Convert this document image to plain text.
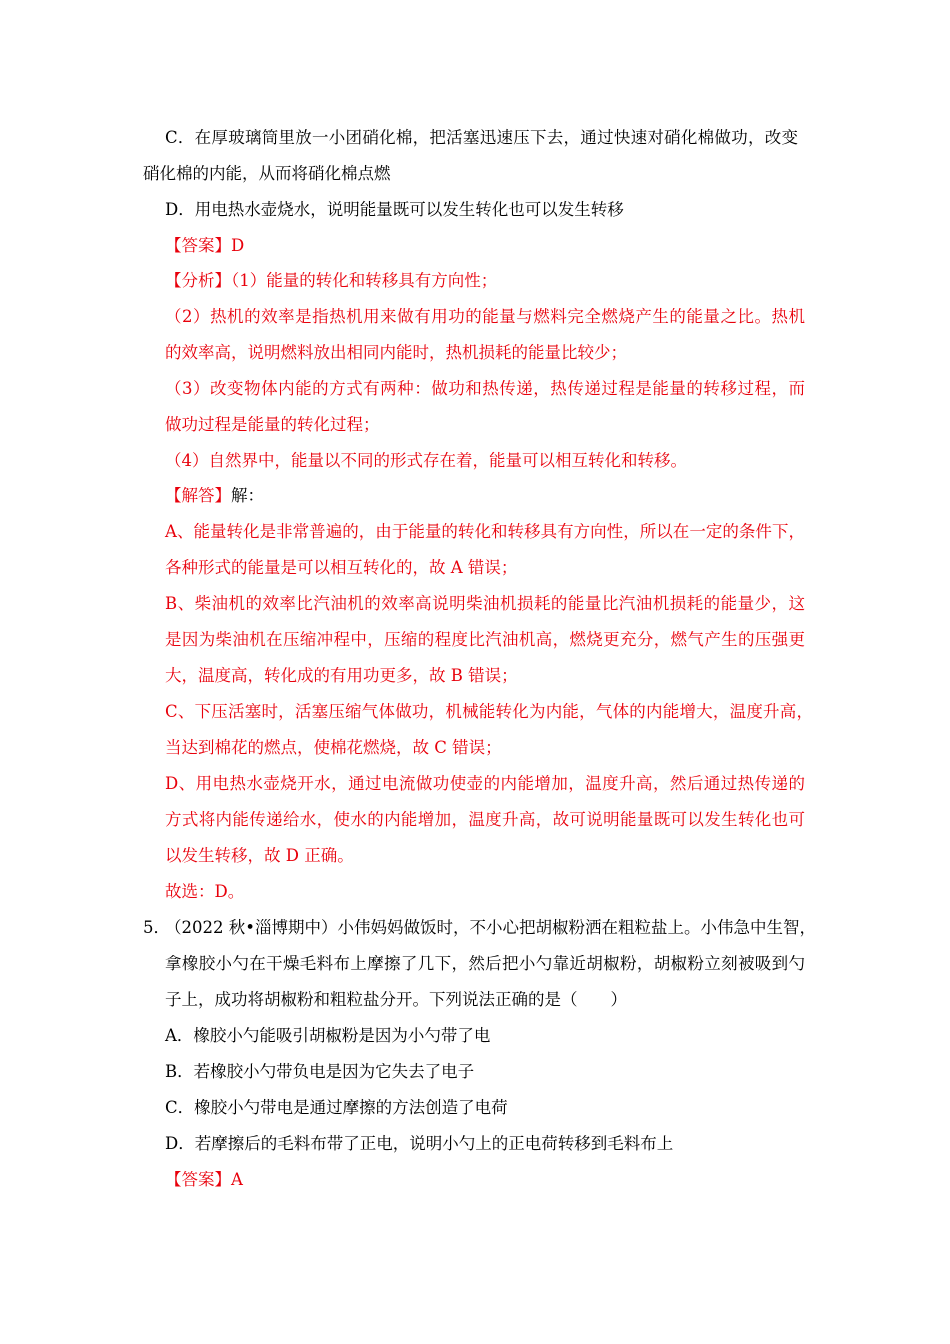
C．在厚玻璃筒里放一小团硝化棉，把活塞迅速压下去，通过快速对硝化棉做功，改变
硝化棉的内能，从而将硝化棉点燃
D．用电热水壶烧水，说明能量既可以发生转化也可以发生转移
【答案】D
【分析】（1）能量的转化和转移具有方向性；
（2）热机的效率是指热机用来做有用功的能量与燃料完全燃烧产生的能量之比。热机
的效率高，说明燃料放出相同内能时，热机损耗的能量比较少；
（3）改变物体内能的方式有两种：做功和热传递，热传递过程是能量的转移过程，而
做功过程是能量的转化过程；
（4）自然界中，能量以不同的形式存在着，能量可以相互转化和转移。
【解答】解：
A、能量转化是非常普遍的，由于能量的转化和转移具有方向性，所以在一定的条件下，
各种形式的能量是可以相互转化的，故 A 错误；
B、柴油机的效率比汽油机的效率高说明柴油机损耗的能量比汽油机损耗的能量少，这
是因为柴油机在压缩冲程中，压缩的程度比汽油机高，燃烧更充分，燃气产生的压强更
大，温度高，转化成的有用功更多，故 B 错误；
C、下压活塞时，活塞压缩气体做功，机械能转化为内能，气体的内能增大，温度升高，
当达到棉花的燃点，使棉花燃烧，故 C 错误；
D、用电热水壶烧开水，通过电流做功使壶的内能增加，温度升高，然后通过热传递的
方式将内能传递给水，使水的内能增加，温度升高，故可说明能量既可以发生转化也可
以发生转移，故 D 正确。
故选：D。
5．
（2022 秋•淄博期中）小伟妈妈做饭时，不小心把胡椒粉洒在粗粒盐上。小伟急中生智，
拿橡胶小勺在干燥毛料布上摩擦了几下，然后把小勺靠近胡椒粉，胡椒粉立刻被吸到勺
子上，成功将胡椒粉和粗粒盐分开。下列说法正确的是（　　）
A．橡胶小勺能吸引胡椒粉是因为小勺带了电
B．若橡胶小勺带负电是因为它失去了电子
C．橡胶小勺带电是通过摩擦的方法创造了电荷
D．若摩擦后的毛料布带了正电，说明小勺上的正电荷转移到毛料布上
【答案】A
